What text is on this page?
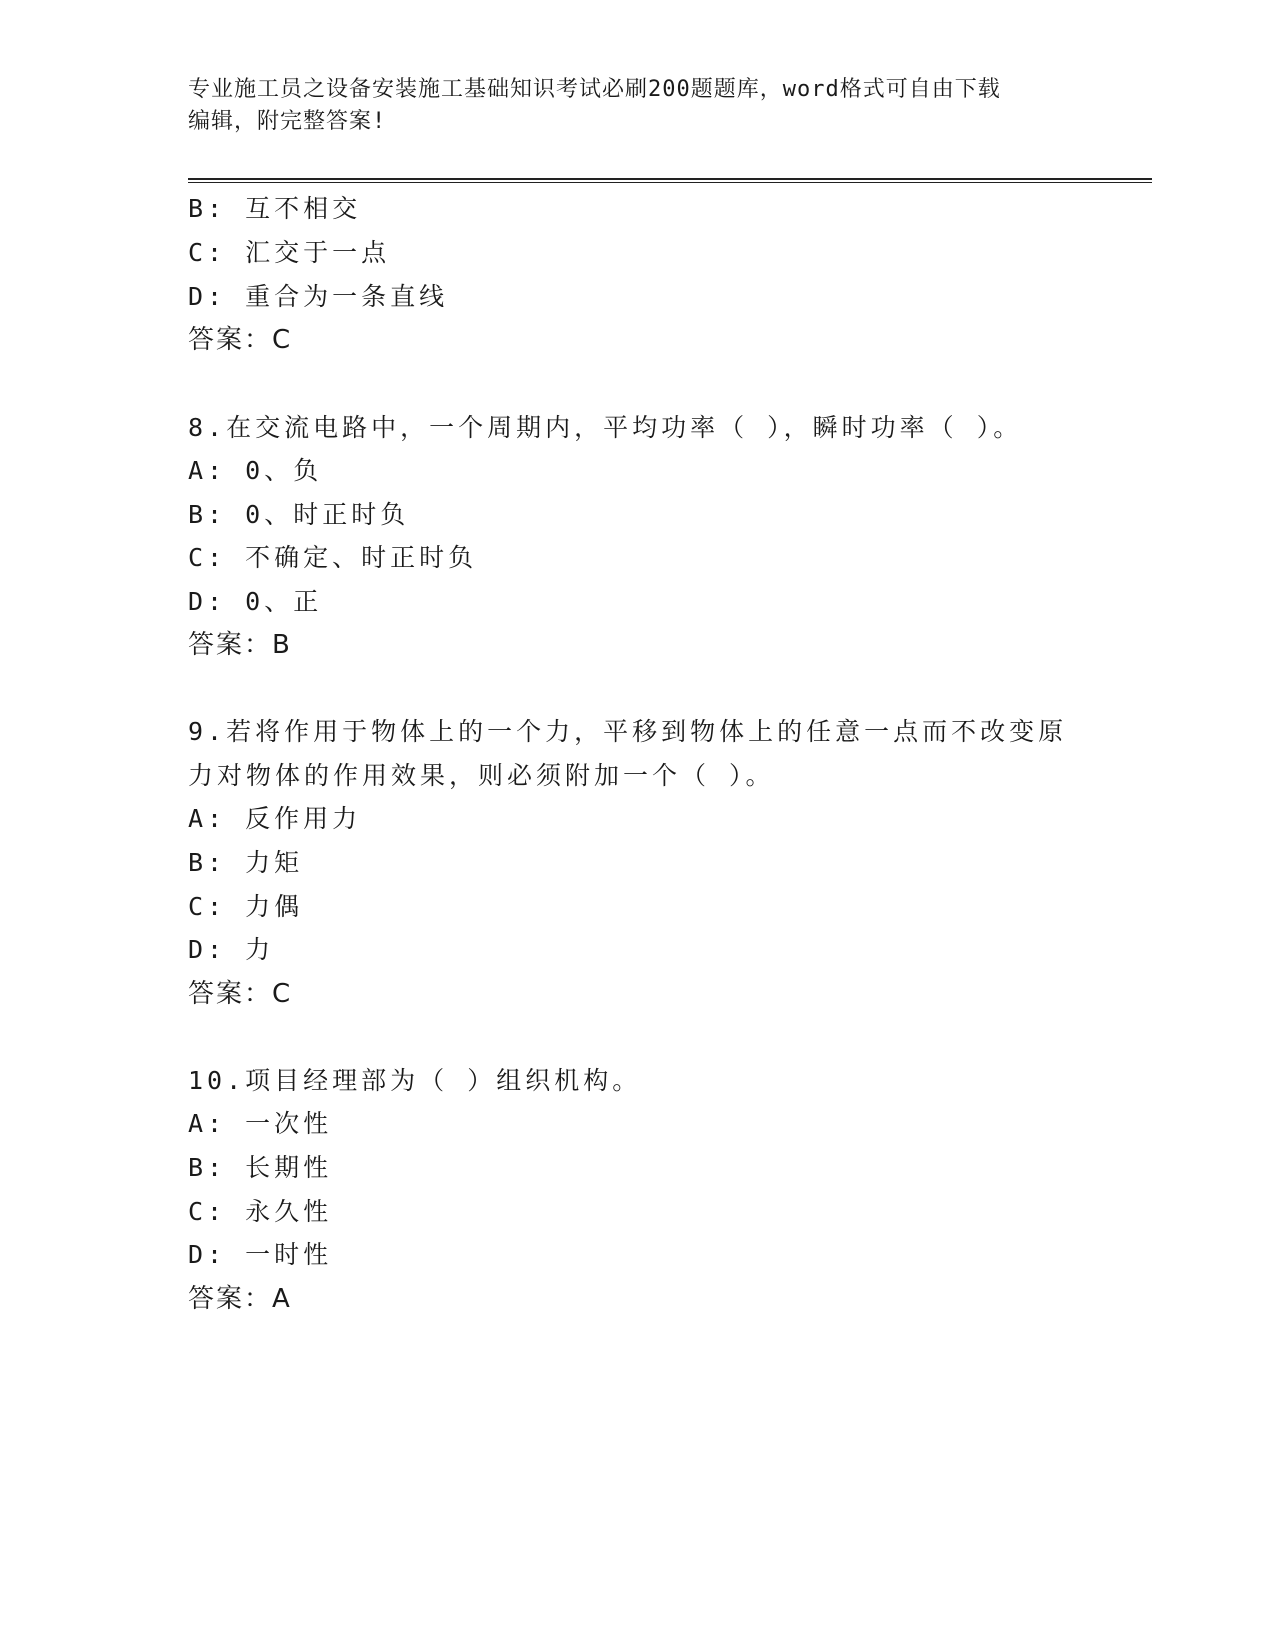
专业施工员之设备安装施工基础知识考试必刷200题题库，word格式可自由下载
编辑，附完整答案!
B: 互不相交
C: 汇交于一点
D: 重合为一条直线
答案：C
8.在交流电路中，一个周期内，平均功率（ ），瞬时功率（ ）。
A: 0、负
B: 0、时正时负
C: 不确定、时正时负
D: 0、正
答案：B
9.若将作用于物体上的一个力，平移到物体上的任意一点而不改变原
力对物体的作用效果，则必须附加一个（ ）。
A: 反作用力
B: 力矩
C: 力偶
D: 力
答案：C
10.项目经理部为（ ）组织机构。
A: 一次性
B: 长期性
C: 永久性
D: 一时性
答案：A
